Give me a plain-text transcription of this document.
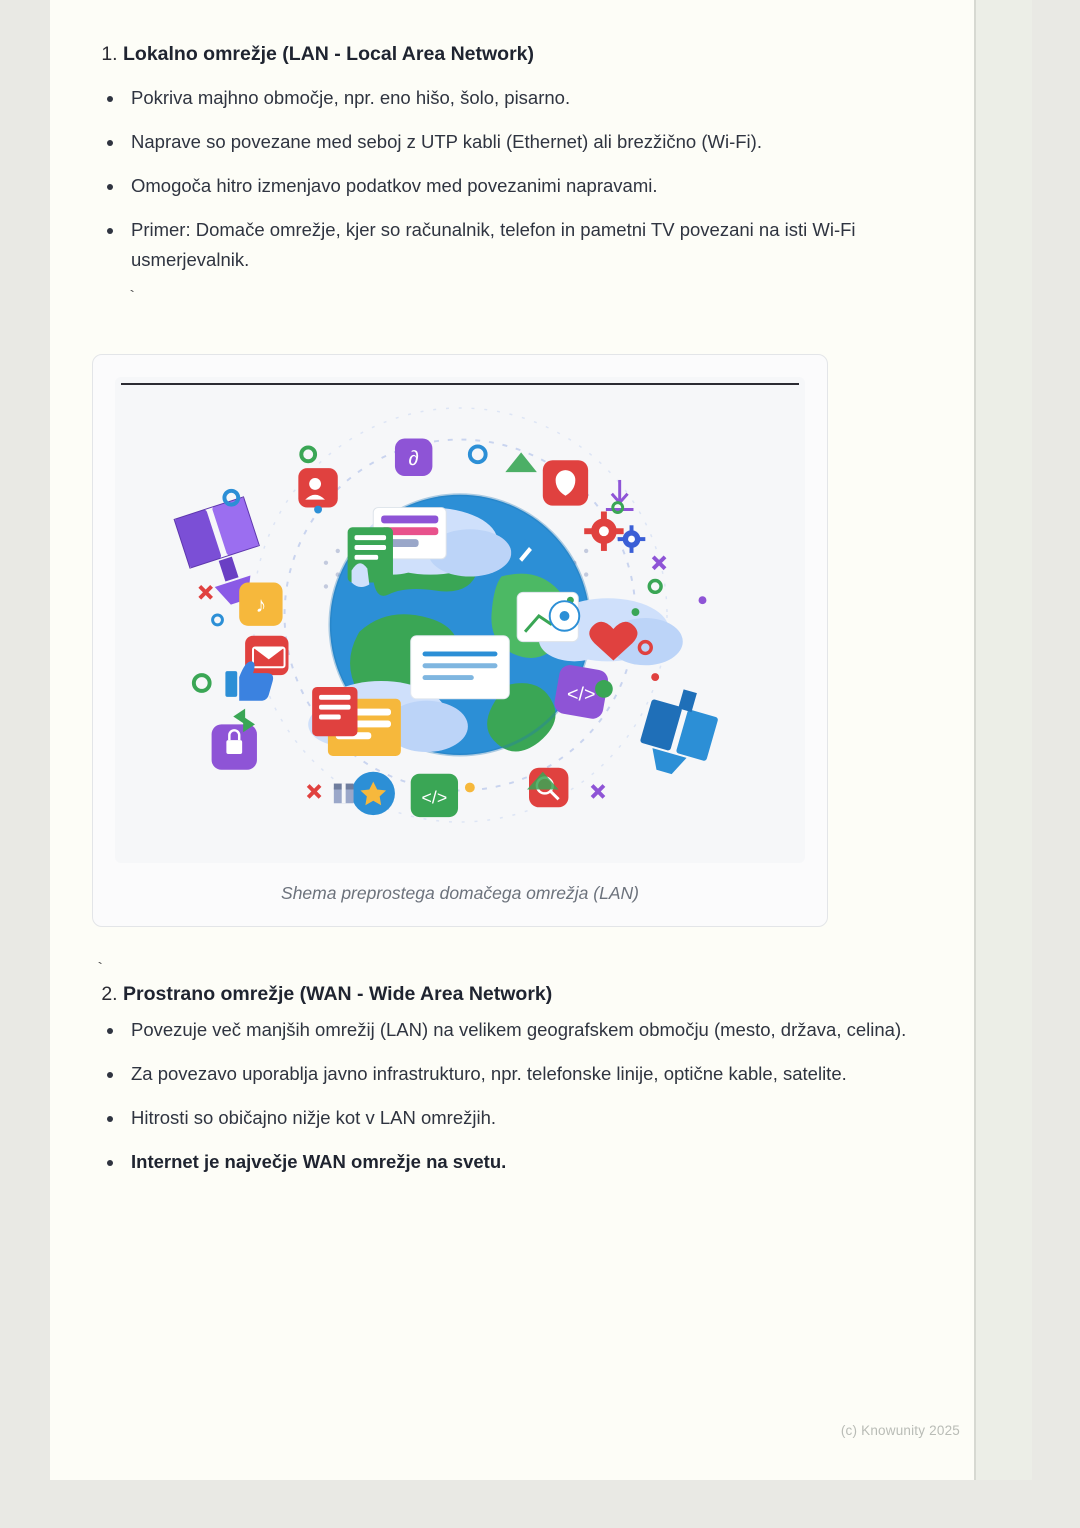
1. Lokalno omrežje (LAN - Local Area Network)
• Pokriva majhno območje, npr. eno hišo, šolo, pisarno.
• Naprave so povezane med seboj z UTP kabli (Ethernet) ali brezžično (Wi-Fi).
• Omogoča hitro izmenjavo podatkov med povezanimi napravami.
• Primer: Domače omrežje, kjer so računalnik, telefon in pametni TV povezani na isti Wi-Fi usmerjevalnik.
`
♪
∂
</>
</>
Shema preprostega domačega omrežja (LAN)
`
2. Prostrano omrežje (WAN - Wide Area Network)
• Povezuje več manjših omrežij (LAN) na velikem geografskem območju (mesto, država, celina).
• Za povezavo uporablja javno infrastrukturo, npr. telefonske linije, optične kable, satelite.
• Hitrosti so običajno nižje kot v LAN omrežjih.
• Internet je največje WAN omrežje na svetu.
(c) Knowunity 2025
